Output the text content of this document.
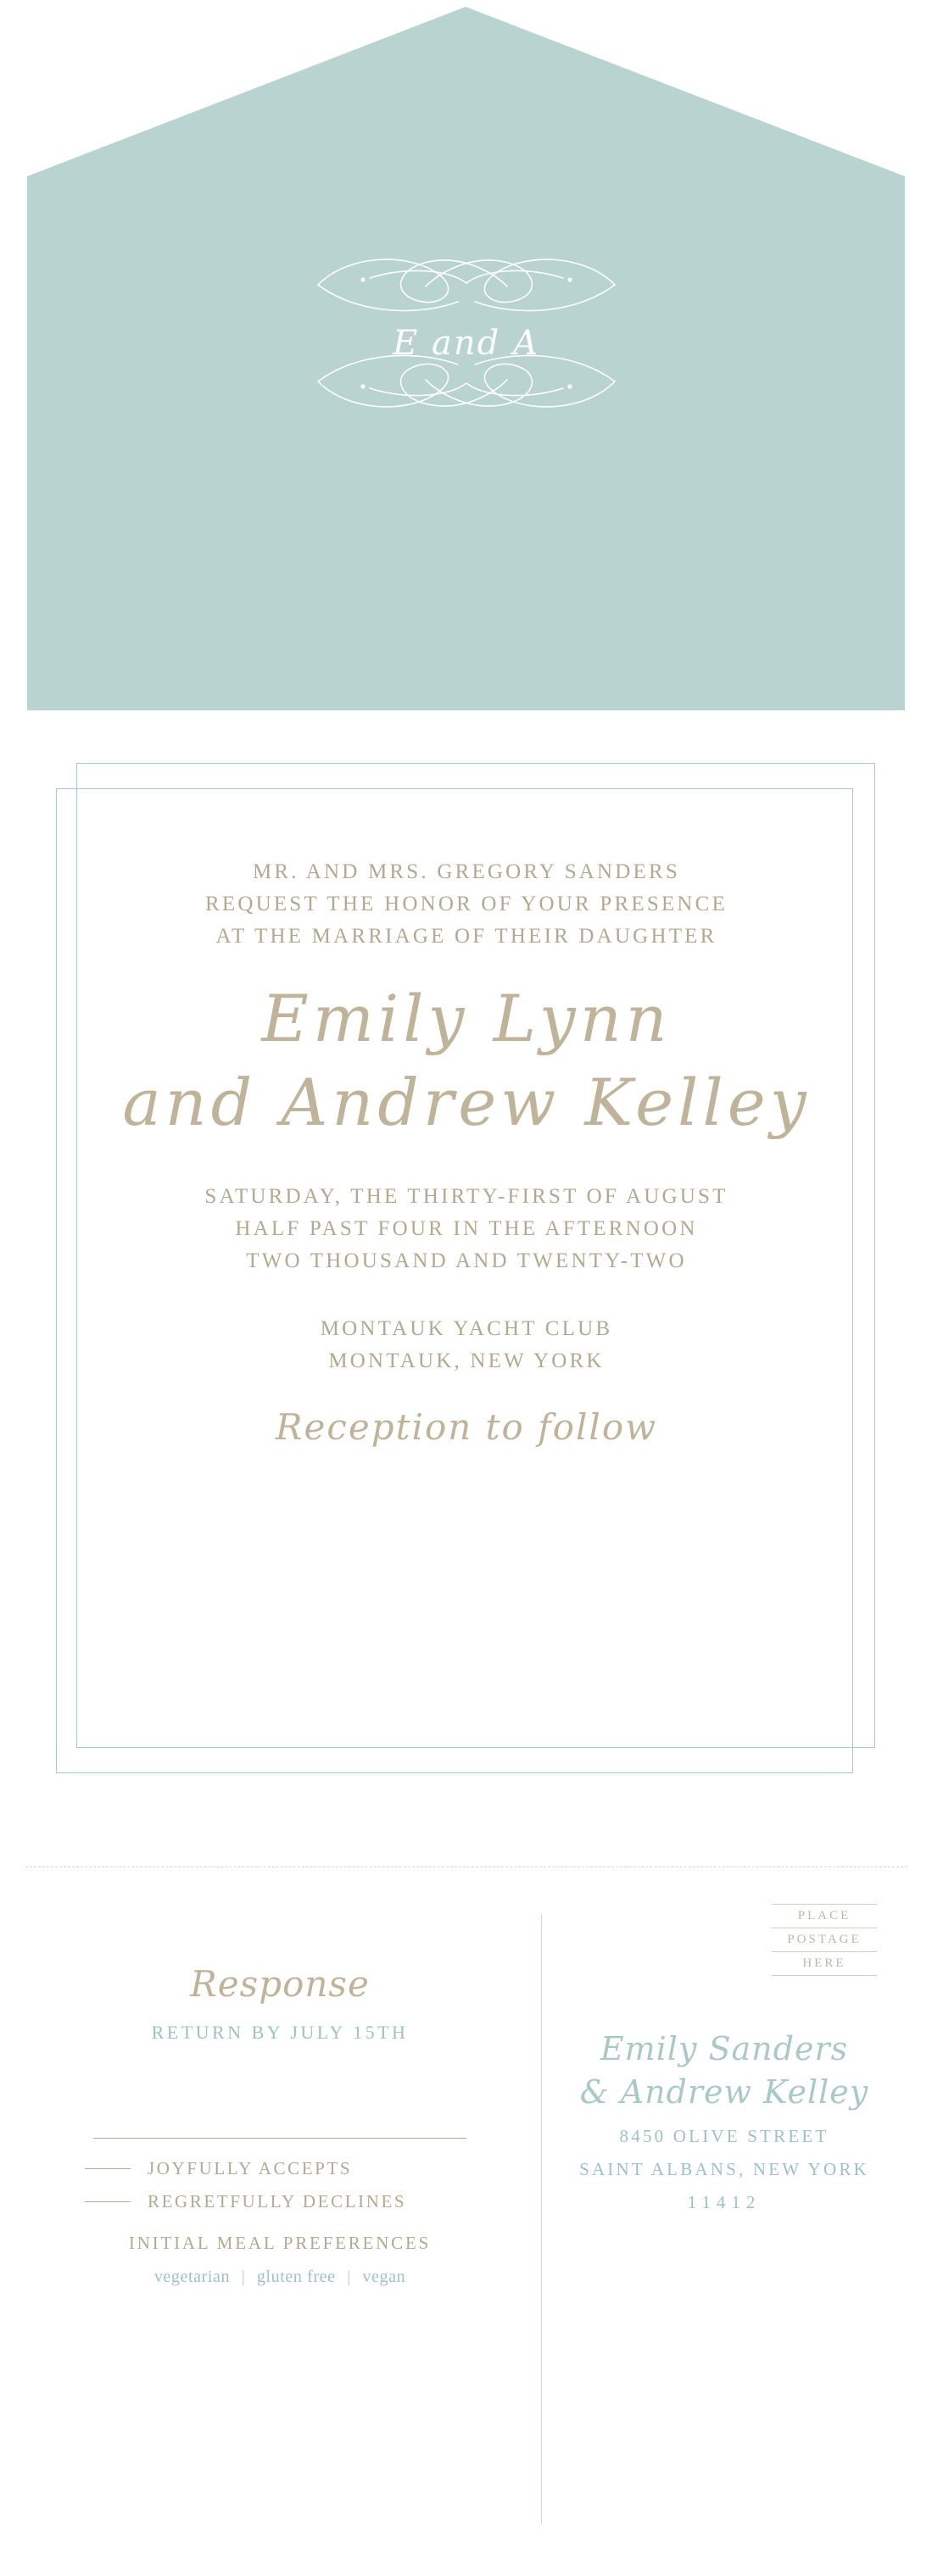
E and A
MR. AND MRS. GREGORY SANDERS
REQUEST THE HONOR OF YOUR PRESENCE
AT THE MARRIAGE OF THEIR DAUGHTER
Emily Lynn
and Andrew Kelley
SATURDAY, THE THIRTY-FIRST OF AUGUST
HALF PAST FOUR IN THE AFTERNOON
TWO THOUSAND AND TWENTY-TWO
MONTAUK YACHT CLUB
MONTAUK, NEW YORK
Reception to follow
Response
RETURN BY JULY 15TH
JOYFULLY ACCEPTS
REGRETFULLY DECLINES
INITIAL MEAL PREFERENCES
vegetarian | gluten free | vegan
PLACE
POSTAGE
HERE
Emily Sanders
& Andrew Kelley
8450 OLIVE STREET
SAINT ALBANS, NEW YORK
11412
